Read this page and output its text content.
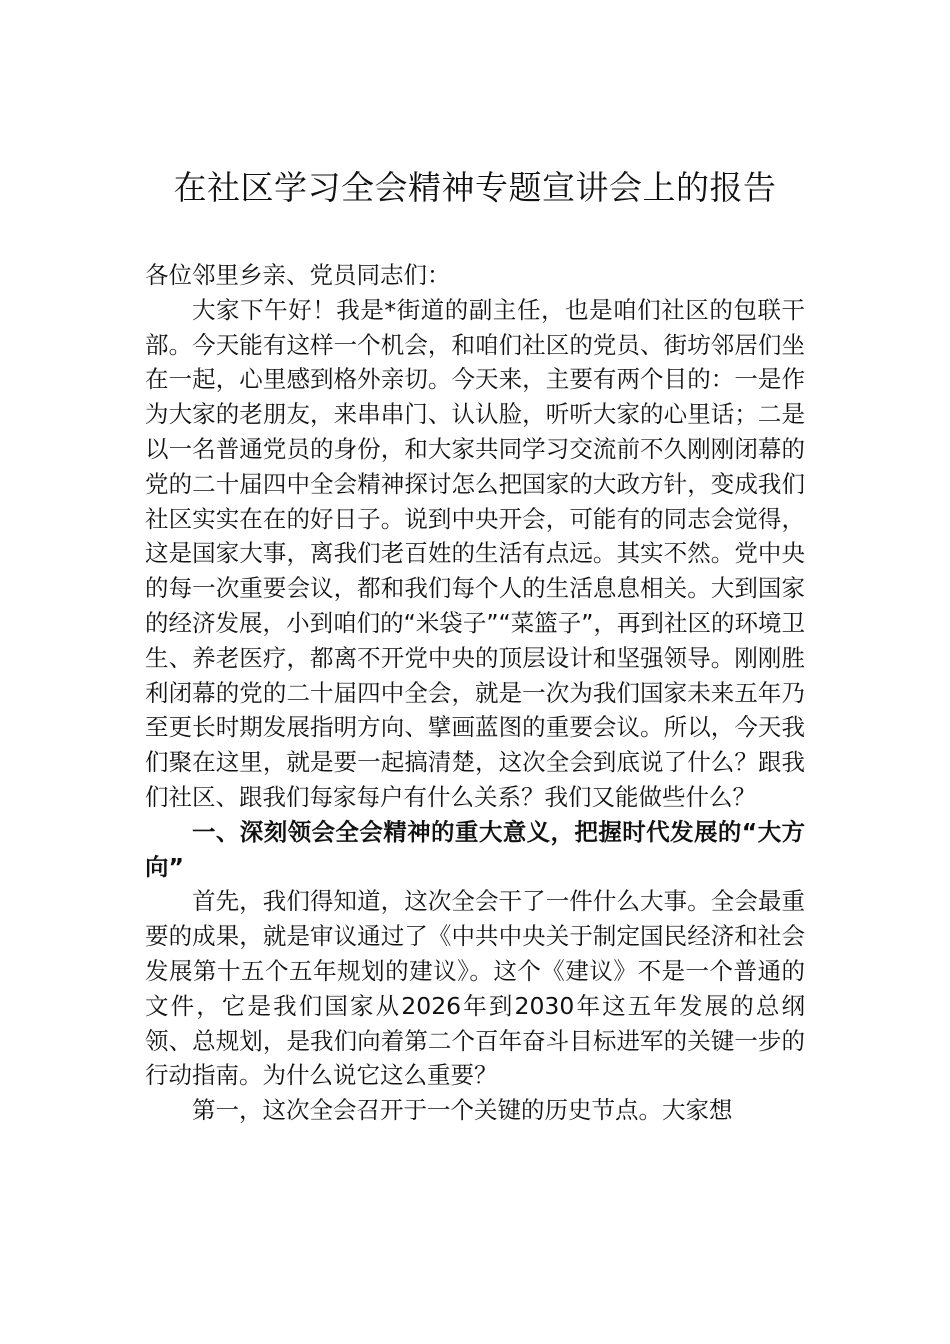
在社区学习全会精神专题宣讲会上的报告

各位邻里乡亲、党员同志们：

大家下午好！我是*街道的副主任，也是咱们社区的包联干部。今天能有这样一个机会，和咱们社区的党员、街坊邻居们坐在一起，心里感到格外亲切。今天来，主要有两个目的：一是作为大家的老朋友，来串串门、认认脸，听听大家的心里话；二是以一名普通党员的身份，和大家共同学习交流前不久刚刚闭幕的党的二十届四中全会精神探讨怎么把国家的大政方针，变成我们社区实实在在的好日子。说到中央开会，可能有的同志会觉得，这是国家大事，离我们老百姓的生活有点远。其实不然。党中央的每一次重要会议，都和我们每个人的生活息息相关。大到国家的经济发展，小到咱们的“米袋子”“菜篮子”，再到社区的环境卫生、养老医疗，都离不开党中央的顶层设计和坚强领导。刚刚胜利闭幕的党的二十届四中全会，就是一次为我们国家未来五年乃至更长时期发展指明方向、擘画蓝图的重要会议。所以，今天我们聚在这里，就是要一起搞清楚，这次全会到底说了什么？跟我们社区、跟我们每家每户有什么关系？我们又能做些什么？

一、深刻领会全会精神的重大意义，把握时代发展的“大方向”

首先，我们得知道，这次全会干了一件什么大事。全会最重要的成果，就是审议通过了《中共中央关于制定国民经济和社会发展第十五个五年规划的建议》。这个《建议》不是一个普通的文件，它是我们国家从2026年到2030年这五年发展的总纲领、总规划，是我们向着第二个百年奋斗目标进军的关键一步的行动指南。为什么说它这么重要？

第一，这次全会召开于一个关键的历史节点。大家想
